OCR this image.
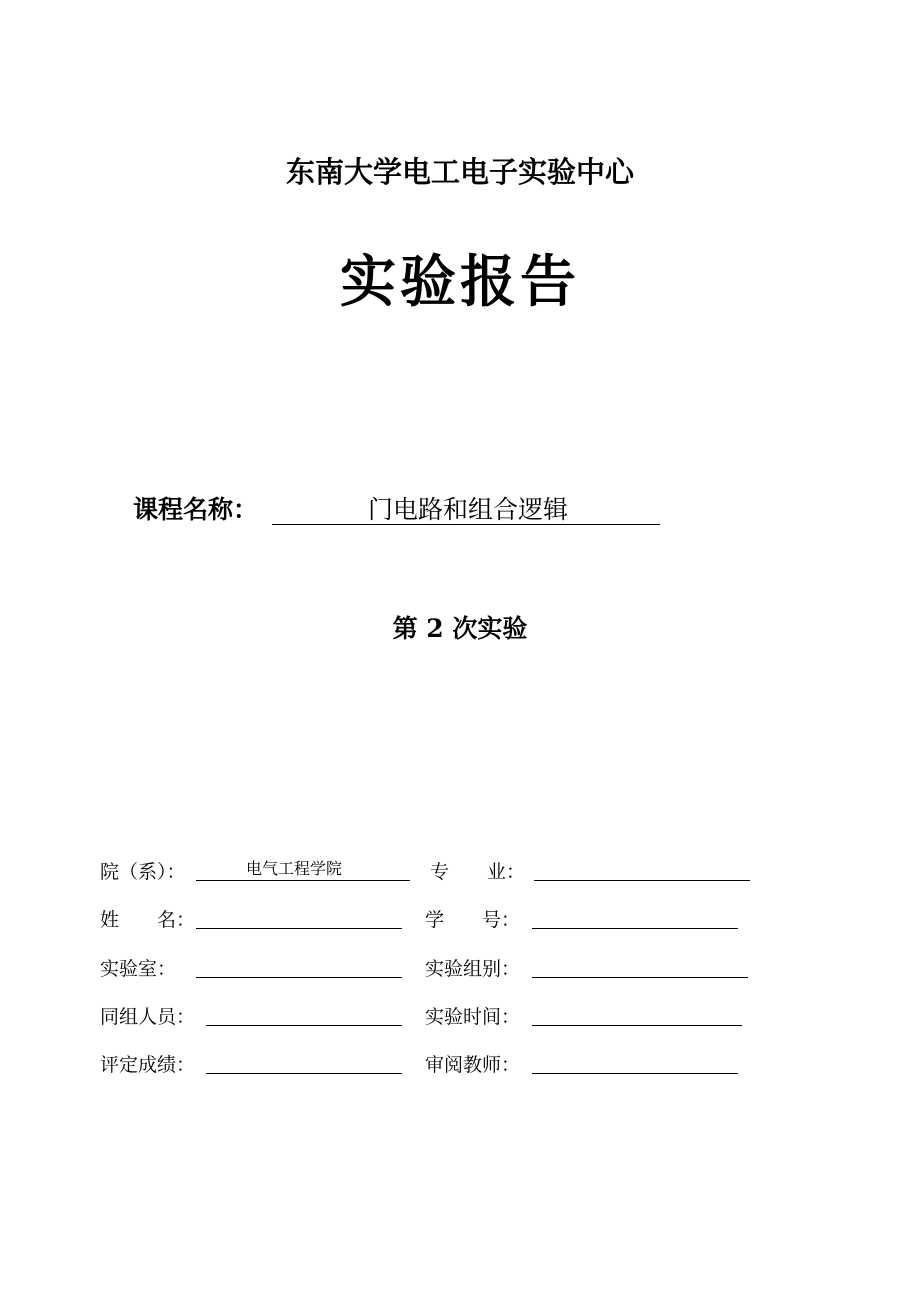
东南大学电工电子实验中心
实验报告
课程名称：	门电路和组合逻辑
第 2 次实验
院（系）：	电气工程学院	专　　业：
姓　　名：	学　　号：
实验室：	实验组别：
同组人员：	实验时间：
评定成绩：	审阅教师：
